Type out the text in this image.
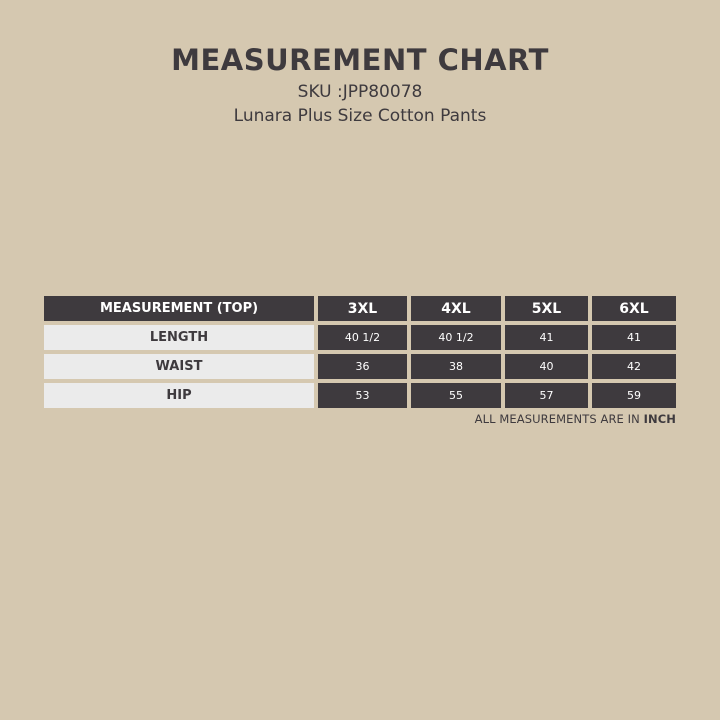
MEASUREMENT CHART
SKU :JPP80078
Lunara Plus Size Cotton Pants
MEASUREMENT (TOP)	3XL	4XL	5XL	6XL
LENGTH	40 1/2	40 1/2	41	41
WAIST	36	38	40	42
HIP	53	55	57	59
ALL MEASUREMENTS ARE IN INCH
